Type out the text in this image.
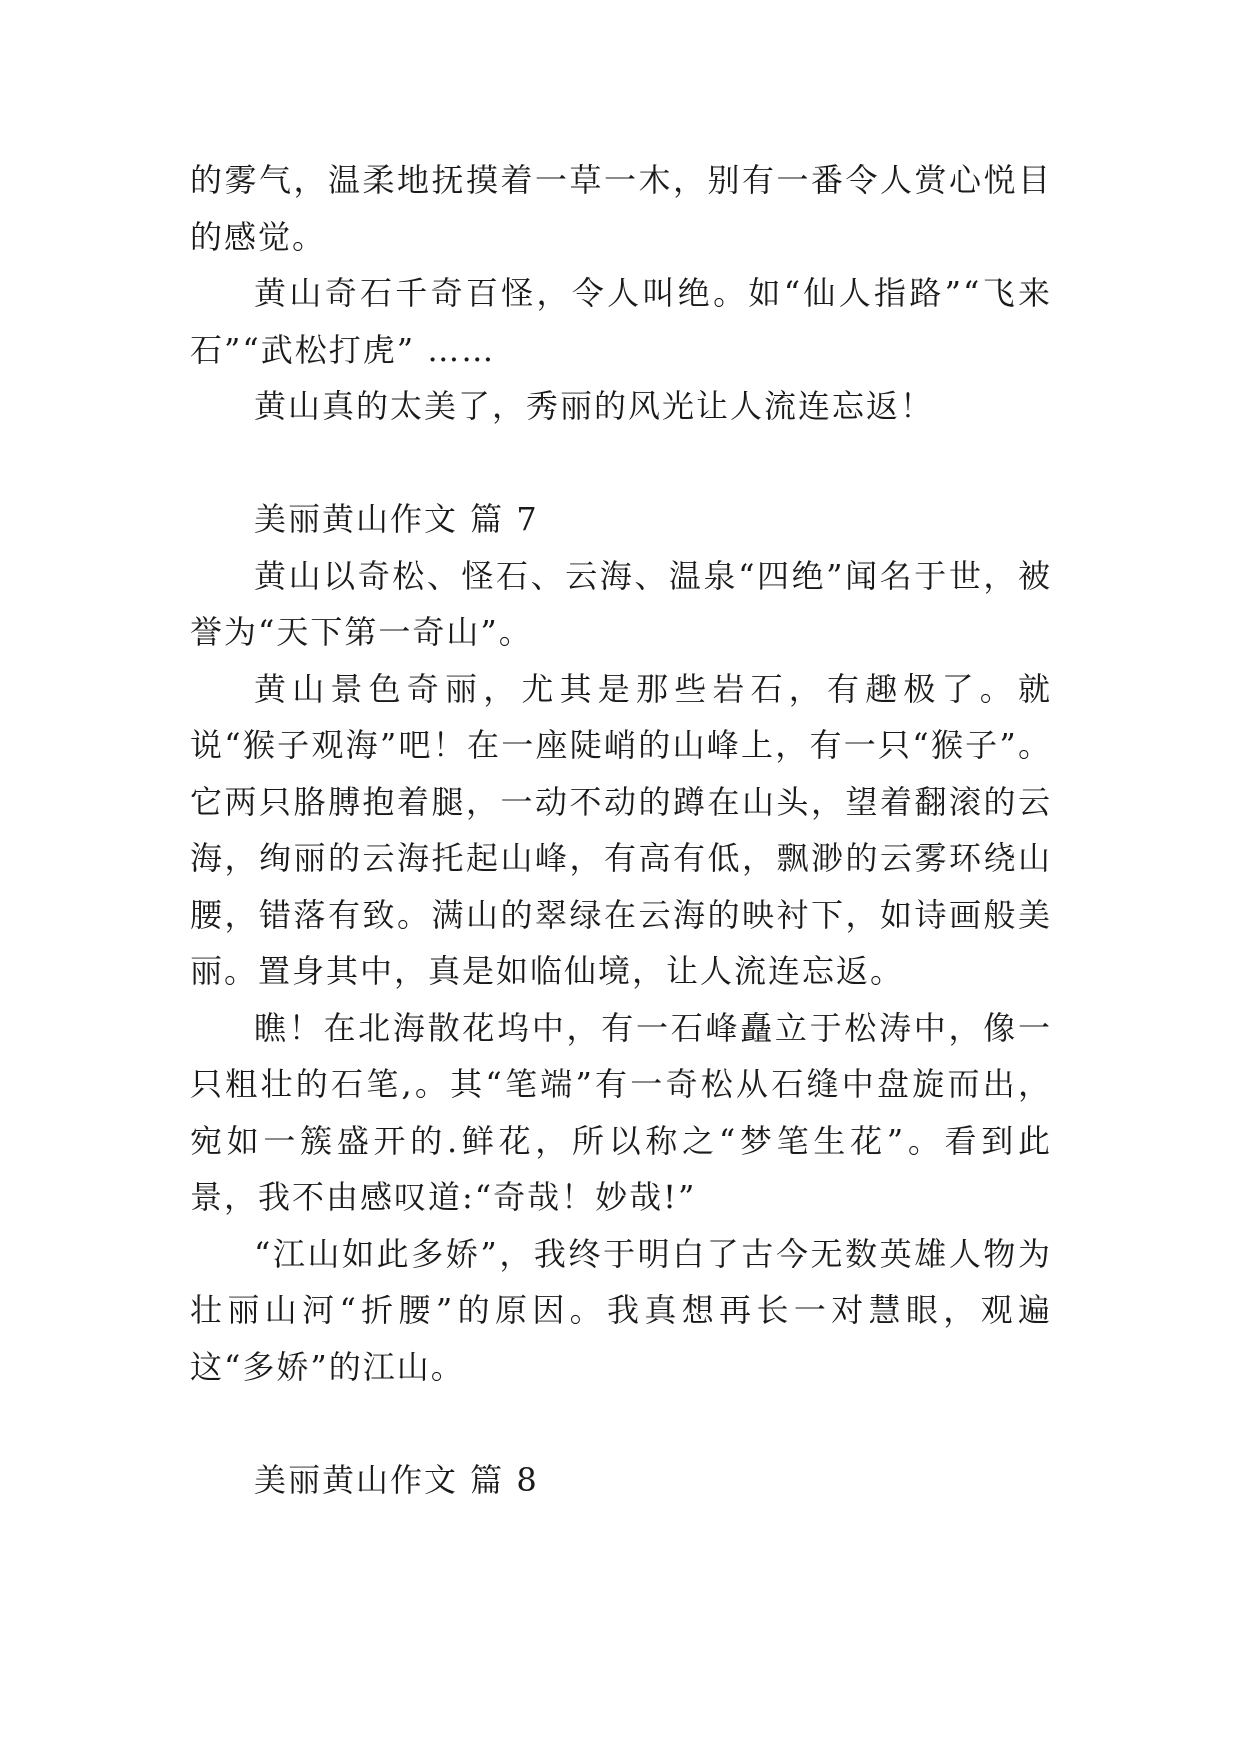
的雾气，温柔地抚摸着一草一木，别有一番令人赏心悦目的感觉。

黄山奇石千奇百怪，令人叫绝。如“仙人指路”“飞来石”“武松打虎” ……

黄山真的太美了，秀丽的风光让人流连忘返！

美丽黄山作文 篇 7

黄山以奇松、怪石、云海、温泉“四绝”闻名于世，被誉为“天下第一奇山”。

黄山景色奇丽，尤其是那些岩石，有趣极了。就说“猴子观海”吧！在一座陡峭的山峰上，有一只“猴子”。它两只胳膊抱着腿，一动不动的蹲在山头，望着翻滚的云海，绚丽的云海托起山峰，有高有低，飘渺的云雾环绕山腰，错落有致。满山的翠绿在云海的映衬下，如诗画般美丽。置身其中，真是如临仙境，让人流连忘返。

瞧！在北海散花坞中，有一石峰矗立于松涛中，像一只粗壮的石笔,。其“笔端”有一奇松从石缝中盘旋而出，宛如一簇盛开的.鲜花，所以称之“梦笔生花”。看到此景，我不由感叹道:“奇哉！妙哉!”

“江山如此多娇”，我终于明白了古今无数英雄人物为壮丽山河“折腰”的原因。我真想再长一对慧眼，观遍这“多娇”的江山。

美丽黄山作文 篇 8
